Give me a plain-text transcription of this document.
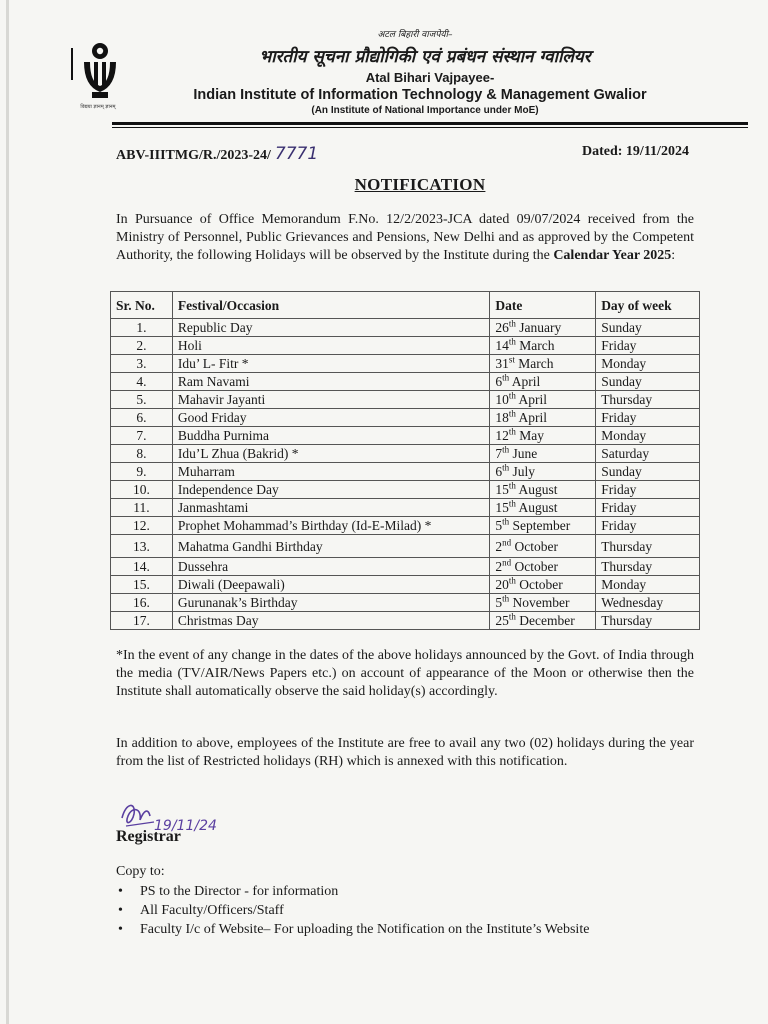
विद्यया ज्ञानम् ज्ञानम्
अटल बिहारी वाजपेयी–
भारतीय सूचना प्रौद्योगिकी एवं प्रबंधन संस्थान ग्वालियर
Atal Bihari Vajpayee-
Indian Institute of Information Technology & Management Gwalior
(An Institute of National Importance under MoE)
ABV-IIITMG/R./2023-24/ 7771	Dated: 19/11/2024
NOTIFICATION
In Pursuance of Office Memorandum F.No. 12/2/2023-JCA dated 09/07/2024 received from the Ministry of Personnel, Public Grievances and Pensions, New Delhi and as approved by the Competent Authority, the following Holidays will be observed by the Institute during the Calendar Year 2025:
Sr. No.	Festival/Occasion	Date	Day of week
1.	Republic Day	26th January	Sunday
2.	Holi	14th March	Friday
3.	Idu’ L- Fitr *	31st March	Monday
4.	Ram Navami	6th April	Sunday
5.	Mahavir Jayanti	10th April	Thursday
6.	Good Friday	18th April	Friday
7.	Buddha Purnima	12th May	Monday
8.	Idu’L Zhua (Bakrid) *	7th June	Saturday
9.	Muharram	6th July	Sunday
10.	Independence Day	15th August	Friday
11.	Janmashtami	15th August	Friday
12.	Prophet Mohammad’s Birthday (Id-E-Milad) *	5th September	Friday
13.	Mahatma Gandhi Birthday	2nd October	Thursday
14.	Dussehra	2nd October	Thursday
15.	Diwali (Deepawali)	20th October	Monday
16.	Gurunanak’s Birthday	5th November	Wednesday
17.	Christmas Day	25th December	Thursday
*In the event of any change in the dates of the above holidays announced by the Govt. of India through the media (TV/AIR/News Papers etc.) on account of appearance of the Moon or otherwise then the Institute shall automatically observe the said holiday(s) accordingly.
In addition to above, employees of the Institute are free to avail any two (02) holidays during the year from the list of Restricted holidays (RH) which is annexed with this notification.
19/11/24
Registrar
Copy to:
• PS to the Director - for information
• All Faculty/Officers/Staff
• Faculty I/c of Website– For uploading the Notification on the Institute’s Website
